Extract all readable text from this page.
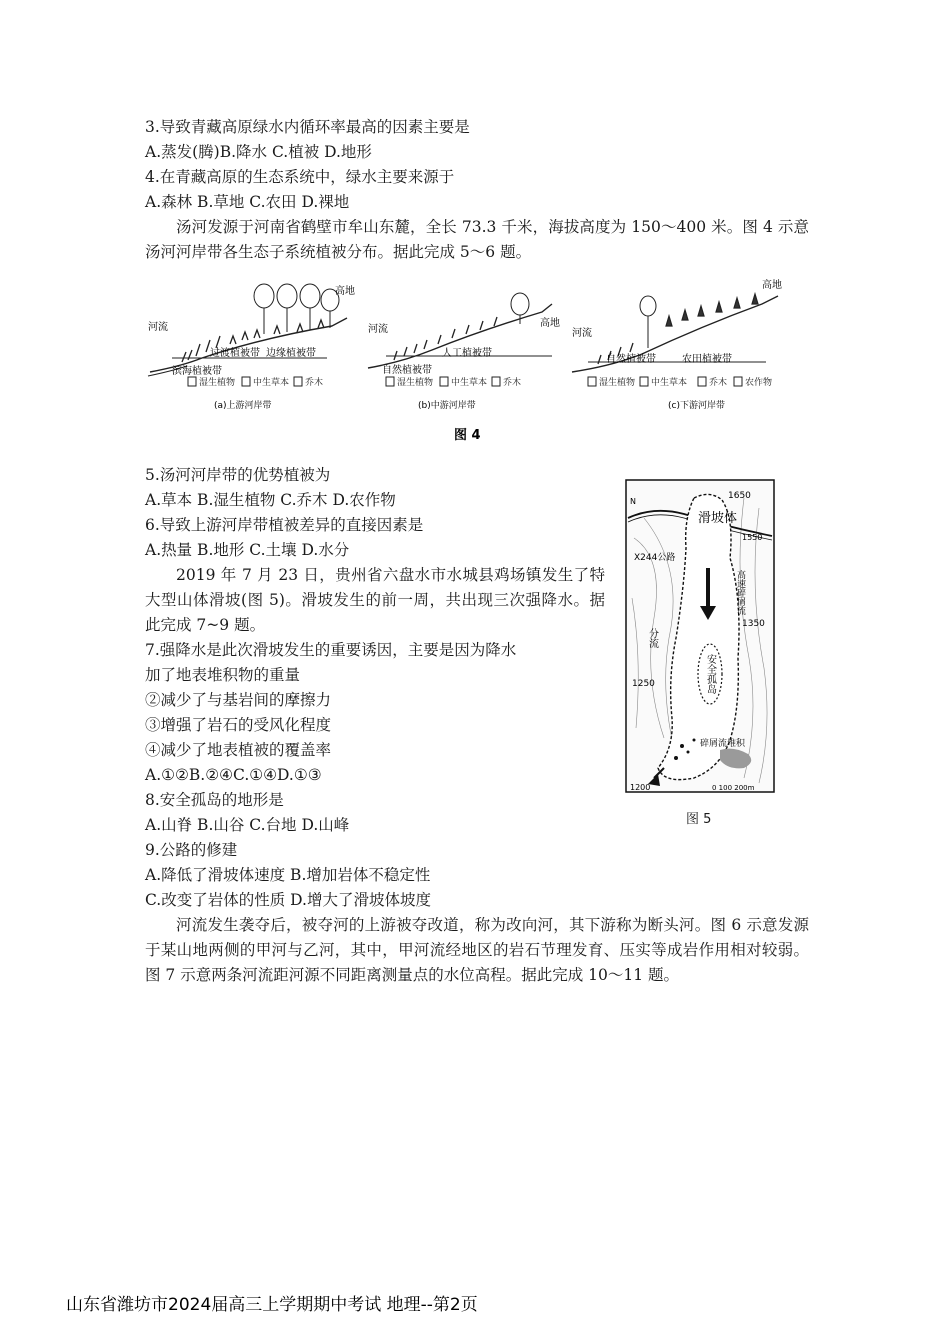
3.导致青藏高原绿水内循环率最高的因素主要是
A.蒸发(腾)B.降水 C.植被 D.地形
4.在青藏高原的生态系统中，绿水主要来源于
A.森林 B.草地 C.农田 D.裸地
汤河发源于河南省鹤壁市牟山东麓，全长 73.3 千米，海拔高度为 150～400 米。图 4 示意汤河河岸带各生态子系统植被分布。据此完成 5～6 题。
河流
高地
滨海植被带
过渡植被带 边缘植被带
湿生植物 中生草本 乔木
(a)上游河岸带
河流
高地
自然植被带
人工植被带
湿生植物 中生草本 乔木
(b)中游河岸带
河流
高地
自然植被带	农田植被带
湿生植物 中生草本 乔木 农作物
(c)下游河岸带
图 4
5.汤河河岸带的优势植被为
A.草本 B.湿生植物 C.乔木 D.农作物
6.导致上游河岸带植被差异的直接因素是
A.热量 B.地形 C.土壤 D.水分
2019 年 7 月 23 日，贵州省六盘水市水城县鸡场镇发生了特大型山体滑坡(图 5)。滑坡发生的前一周，共出现三次强降水。据此完成 7~9 题。
7.强降水是此次滑坡发生的重要诱因，主要是因为降水
加了地表堆积物的重量
②减少了与基岩间的摩擦力
③增强了岩石的受风化程度
④减少了地表植被的覆盖率
A.①②B.②④C.①④D.①③
8.安全孤岛的地形是
A.山脊 B.山谷 C.台地 D.山峰
9.公路的修建
A.降低了滑坡体速度 B.增加岩体不稳定性
C.改变了岩体的性质 D.增大了滑坡体坡度
河流发生袭夺后，被夺河的上游被夺改道，称为改向河，其下游称为断头河。图 6 示意发源于某山地两侧的甲河与乙河，其中，甲河流经地区的岩石节理发育、压实等成岩作用相对较弱。图 7 示意两条河流距河源不同距离测量点的水位高程。据此完成 10～11 题。
滑坡体
X244公路
高速碎屑流
分流
安全孤岛
碎屑流堆积
1650
1350
1250
1550
1200	0 100 200m
N
图 5
山东省潍坊市2024届高三上学期期中考试 地理--第2页
